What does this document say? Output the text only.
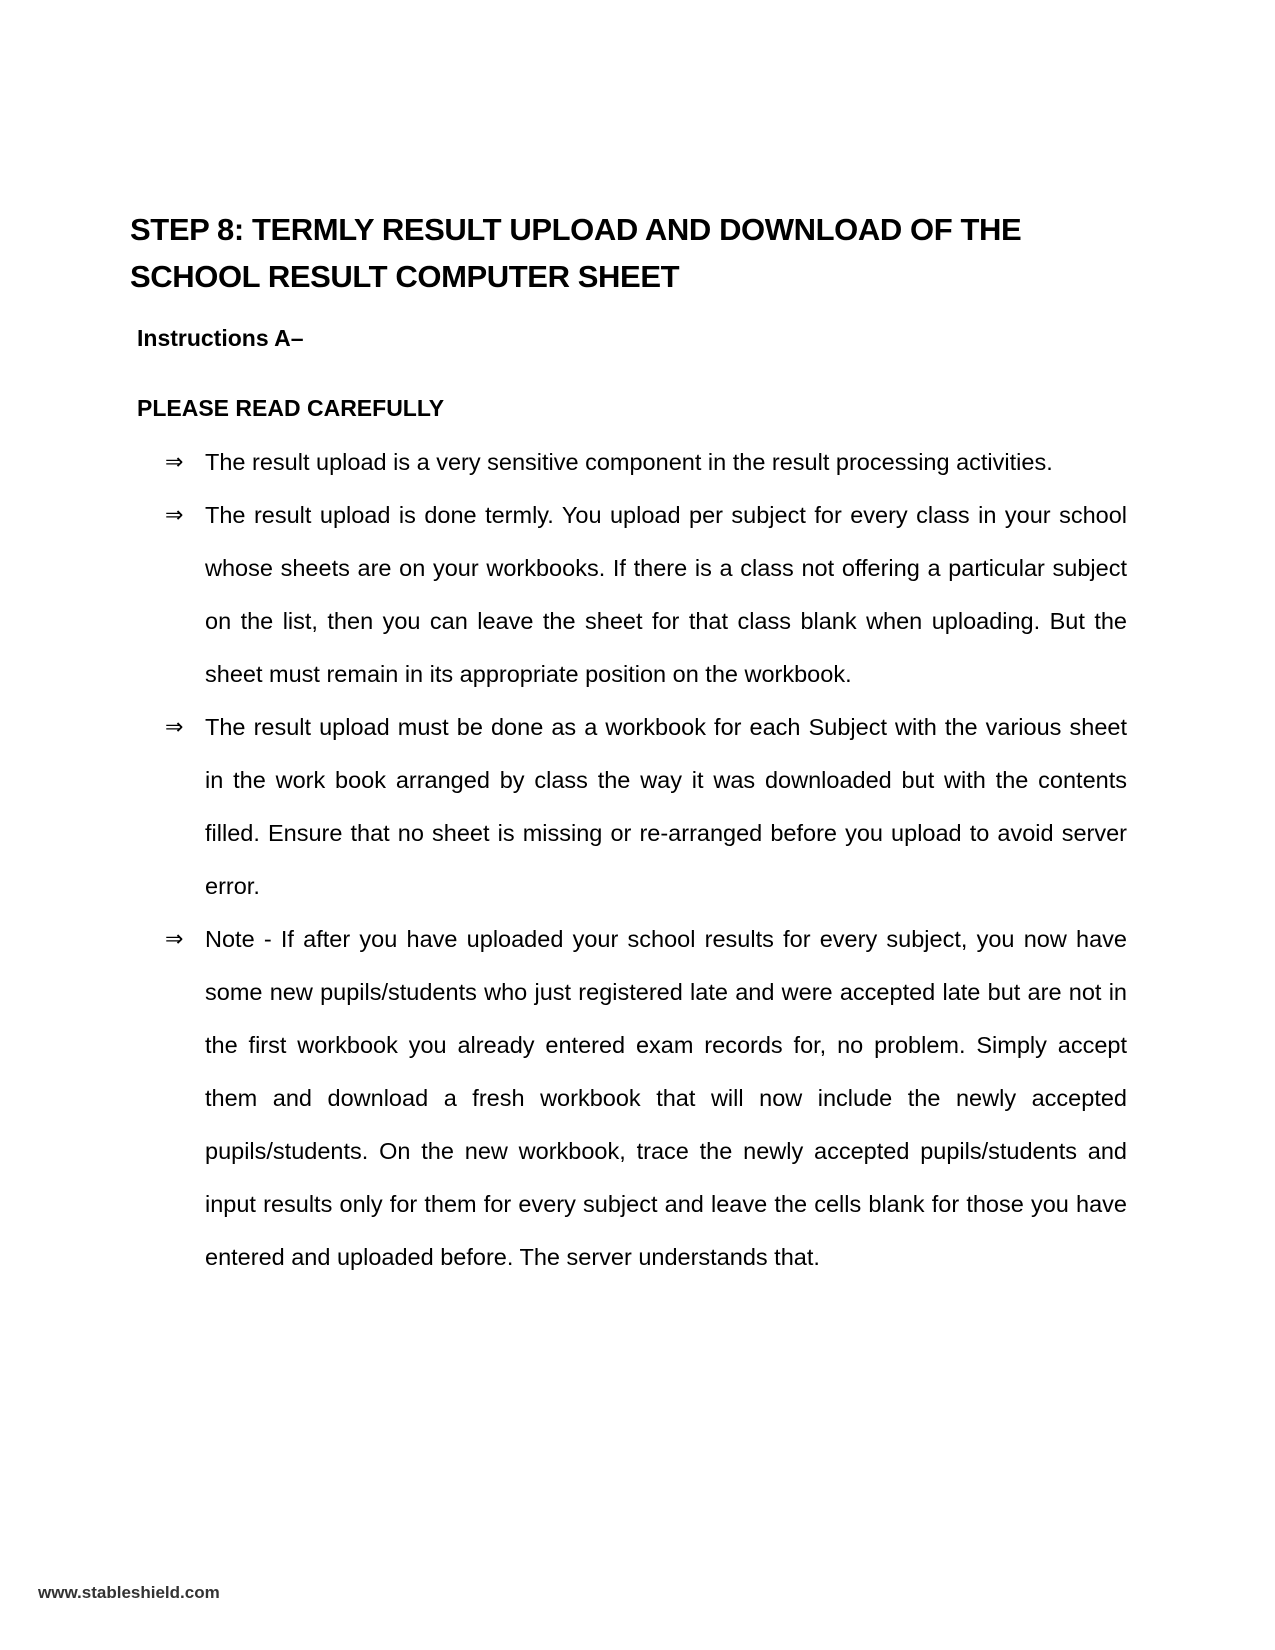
STEP 8: TERMLY RESULT UPLOAD AND DOWNLOAD OF THE SCHOOL RESULT COMPUTER SHEET

Instructions A–

PLEASE READ CAREFULLY

⇒ The result upload is a very sensitive component in the result processing activities.
⇒ The result upload is done termly. You upload per subject for every class in your school whose sheets are on your workbooks. If there is a class not offering a particular subject on the list, then you can leave the sheet for that class blank when uploading. But the sheet must remain in its appropriate position on the workbook.
⇒ The result upload must be done as a workbook for each Subject with the various sheet in the work book arranged by class the way it was downloaded but with the contents filled. Ensure that no sheet is missing or re-arranged before you upload to avoid server error.
⇒ Note - If after you have uploaded your school results for every subject, you now have some new pupils/students who just registered late and were accepted late but are not in the first workbook you already entered exam records for, no problem. Simply accept them and download a fresh workbook that will now include the newly accepted pupils/students. On the new workbook, trace the newly accepted pupils/students and input results only for them for every subject and leave the cells blank for those you have entered and uploaded before. The server understands that.
www.stableshield.com
